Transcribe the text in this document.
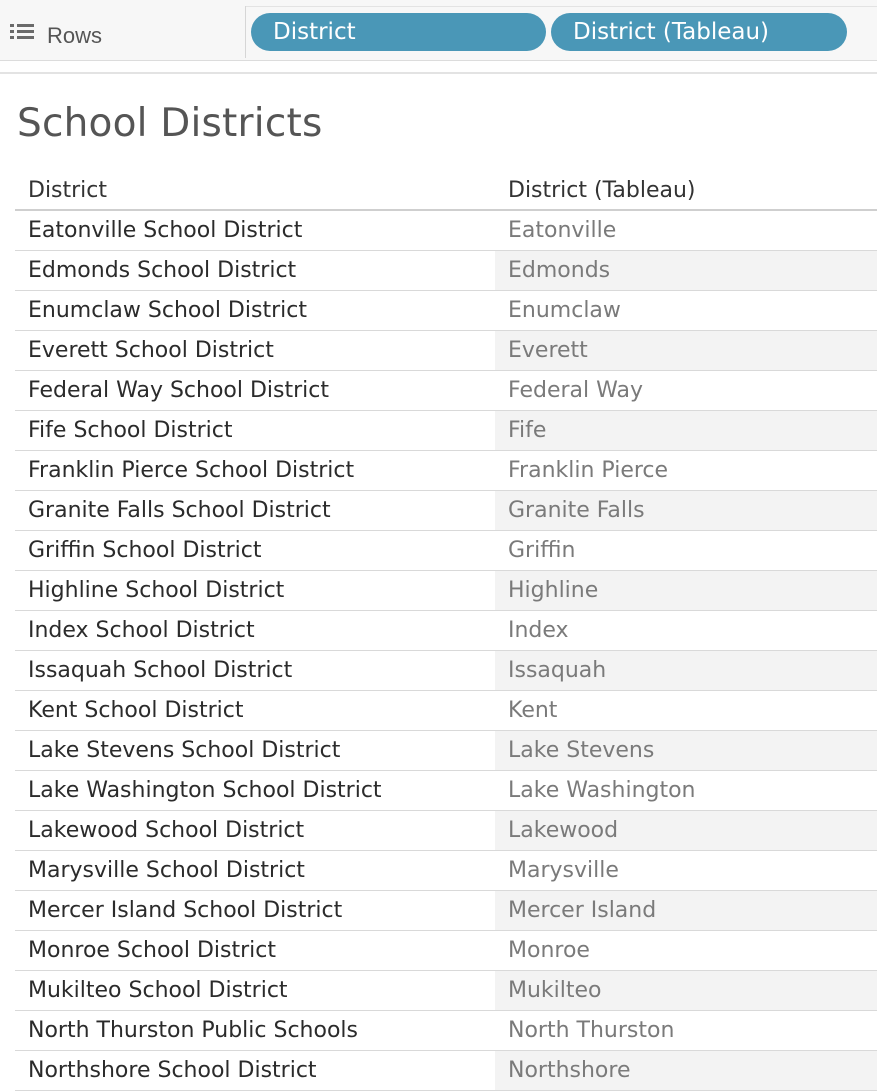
Rows	District	District (Tableau)
School Districts
District	District (Tableau)
Eatonville School District	Eatonville
Edmonds School District	Edmonds
Enumclaw School District	Enumclaw
Everett School District	Everett
Federal Way School District	Federal Way
Fife School District	Fife
Franklin Pierce School District	Franklin Pierce
Granite Falls School District	Granite Falls
Griffin School District	Griffin
Highline School District	Highline
Index School District	Index
Issaquah School District	Issaquah
Kent School District	Kent
Lake Stevens School District	Lake Stevens
Lake Washington School District	Lake Washington
Lakewood School District	Lakewood
Marysville School District	Marysville
Mercer Island School District	Mercer Island
Monroe School District	Monroe
Mukilteo School District	Mukilteo
North Thurston Public Schools	North Thurston
Northshore School District	Northshore
